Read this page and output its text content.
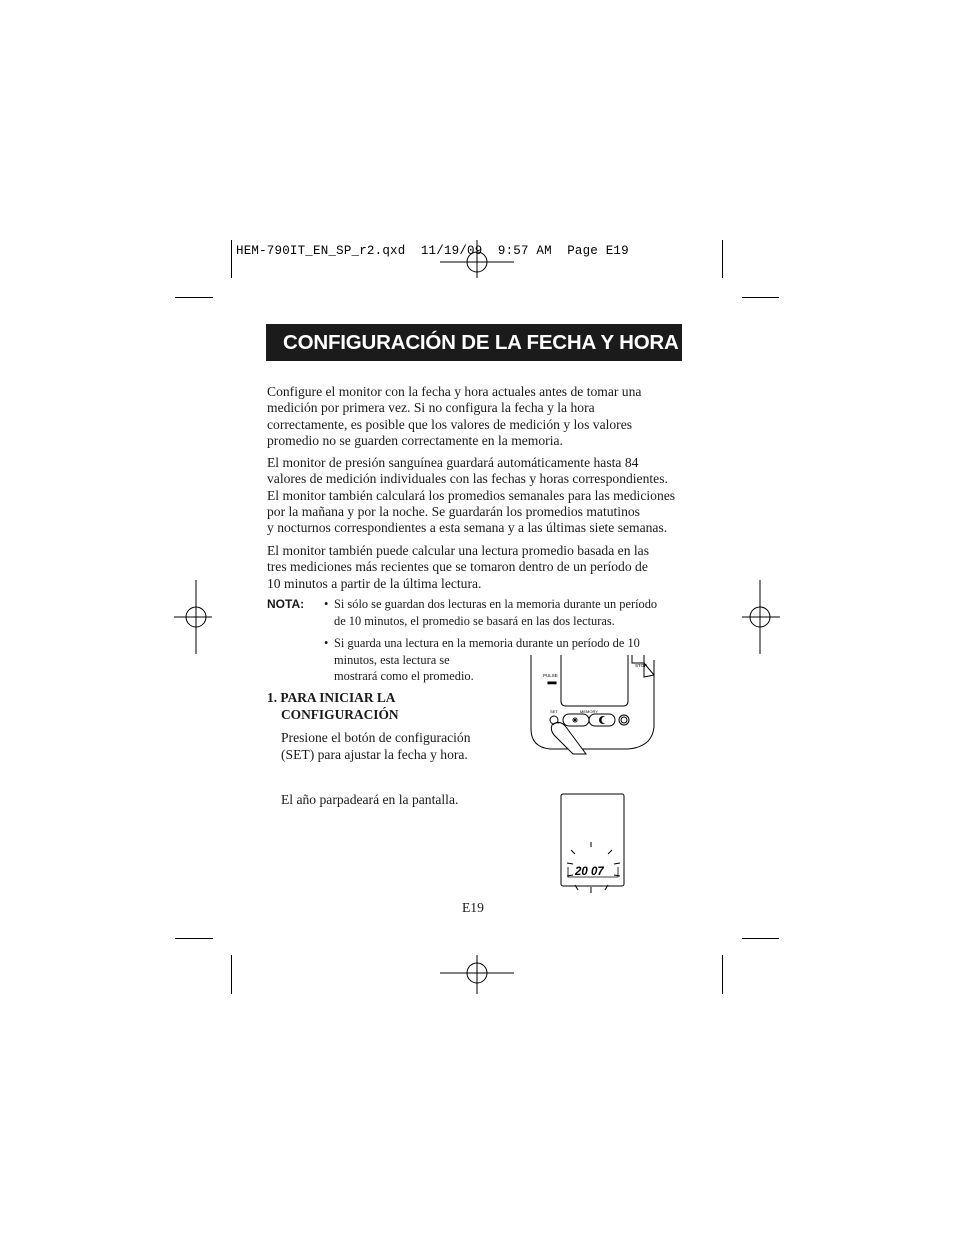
HEM-790IT_EN_SP_r2.qxd 11/19/09 9:57 AM Page E19
CONFIGURACIÓN DE LA FECHA Y HORA
Configure el monitor con la fecha y hora actuales antes de tomar una
medición por primera vez. Si no configura la fecha y la hora
correctamente, es posible que los valores de medición y los valores
promedio no se guarden correctamente en la memoria.
El monitor de presión sanguínea guardará automáticamente hasta 84
valores de medición individuales con las fechas y horas correspondientes.
El monitor también calculará los promedios semanales para las mediciones
por la mañana y por la noche. Se guardarán los promedios matutinos
y nocturnos correspondientes a esta semana y a las últimas siete semanas.
El monitor también puede calcular una lectura promedio basada en las
tres mediciones más recientes que se tomaron dentro de un período de
10 minutos a partir de la última lectura.
NOTA: • Si sólo se guardan dos lecturas en la memoria durante un período
de 10 minutos, el promedio se basará en las dos lecturas.
• Si guarda una lectura en la memoria durante un período de 10
minutos, esta lectura se
mostrará como el promedio.
1. PARA INICIAR LA
CONFIGURACIÓN
Presione el botón de configuración
(SET) para ajustar la fecha y hora.
El año parpadeará en la pantalla.
STOP
PULSE
SET	MEMORY
20 07
E19
